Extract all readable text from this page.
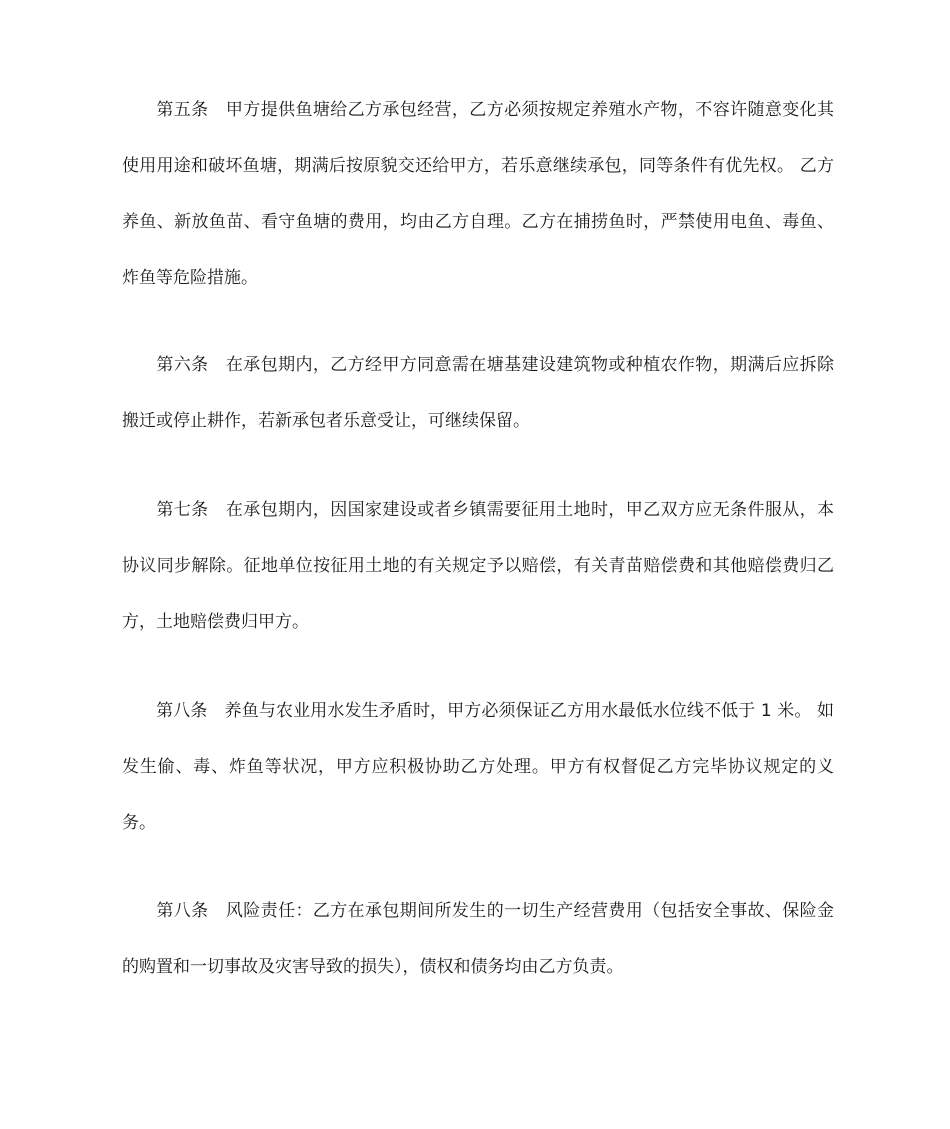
第五条　甲方提供鱼塘给乙方承包经营，乙方必须按规定养殖水产物，不容许随意变化其使用用途和破坏鱼塘，期满后按原貌交还给甲方，若乐意继续承包，同等条件有优先权。 乙方养鱼、新放鱼苗、看守鱼塘的费用，均由乙方自理。乙方在捕捞鱼时，严禁使用电鱼、毒鱼、炸鱼等危险措施。

第六条　在承包期内，乙方经甲方同意需在塘基建设建筑物或种植农作物，期满后应拆除搬迁或停止耕作，若新承包者乐意受让，可继续保留。

第七条　在承包期内，因国家建设或者乡镇需要征用土地时，甲乙双方应无条件服从，本协议同步解除。征地单位按征用土地的有关规定予以赔偿，有关青苗赔偿费和其他赔偿费归乙方，土地赔偿费归甲方。

第八条　养鱼与农业用水发生矛盾时，甲方必须保证乙方用水最低水位线不低于 1 米。 如发生偷、毒、炸鱼等状况，甲方应积极协助乙方处理。甲方有权督促乙方完毕协议规定的义务。

第八条　风险责任：乙方在承包期间所发生的一切生产经营费用（包括安全事故、保险金的购置和一切事故及灾害导致的损失），债权和债务均由乙方负责。
